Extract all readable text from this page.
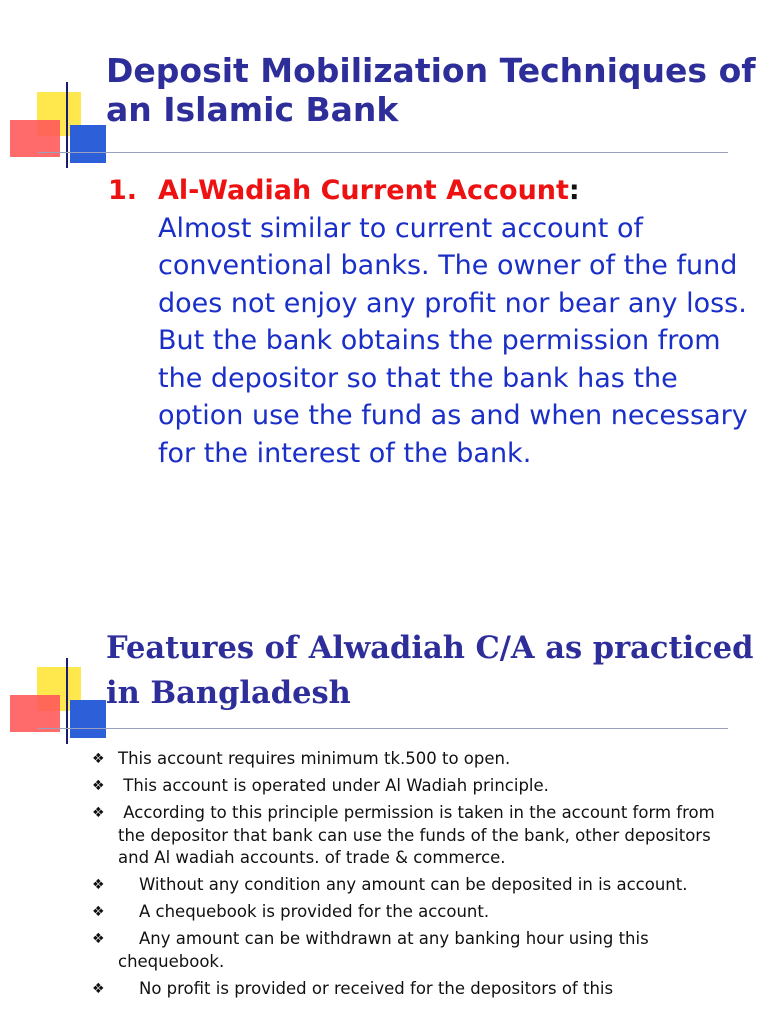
Deposit Mobilization Techniques of an Islamic Bank
1. Al-Wadiah Current Account:
Almost similar to current account of conventional banks. The owner of the fund does not enjoy any profit nor bear any loss. But the bank obtains the permission from the depositor so that the bank has the option use the fund as and when necessary for the interest of the bank.
Features of Alwadiah C/A as practiced in Bangladesh
❖ This account requires minimum tk.500 to open.
❖ This account is operated under Al Wadiah principle.
❖ According to this principle permission is taken in the account form from the depositor that bank can use the funds of the bank, other depositors and Al wadiah accounts. of trade & commerce.
❖ Without any condition any amount can be deposited in is account.
❖ A chequebook is provided for the account.
❖ Any amount can be withdrawn at any banking hour using this chequebook.
❖ No profit is provided or received for the depositors of this
